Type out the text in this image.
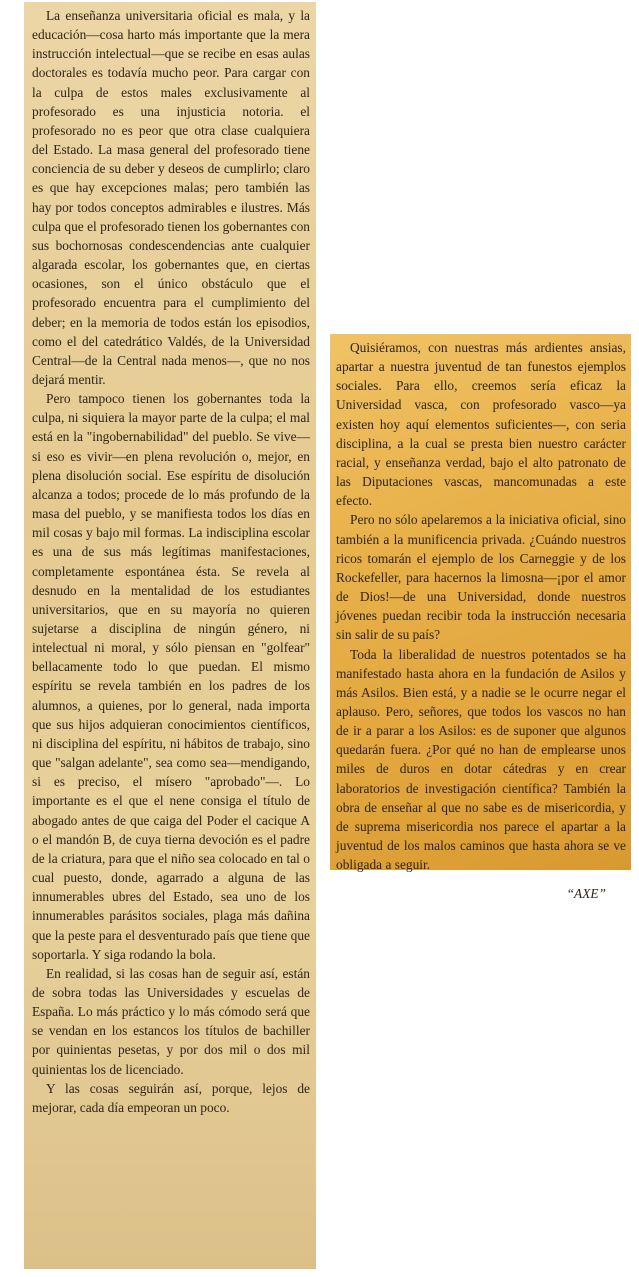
La enseñanza universitaria oficial es mala, y la educación—cosa harto más importante que la mera instrucción intelectual—que se recibe en esas aulas doctorales es todavía mucho peor. Para cargar con la culpa de estos males exclusivamente al profesorado es una injusticia notoria. el profesorado no es peor que otra clase cualquiera del Estado. La masa general del profesorado tiene conciencia de su deber y deseos de cumplirlo; claro es que hay excepciones malas; pero también las hay por todos conceptos admirables e ilustres. Más culpa que el profesorado tienen los gobernantes con sus bochornosas condescendencias ante cualquier algarada escolar, los gobernantes que, en ciertas ocasiones, son el único obstáculo que el profesorado encuentra para el cumplimiento del deber; en la memoria de todos están los episodios, como el del catedrático Valdés, de la Universidad Central—de la Central nada menos—, que no nos dejará mentir.

Pero tampoco tienen los gobernantes toda la culpa, ni siquiera la mayor parte de la culpa; el mal está en la "ingobernabilidad" del pueblo. Se vive—si eso es vivir—en plena revolución o, mejor, en plena disolución social. Ese espíritu de disolución alcanza a todos; procede de lo más profundo de la masa del pueblo, y se manifiesta todos los días en mil cosas y bajo mil formas. La indisciplina escolar es una de sus más legítimas manifestaciones, completamente espontánea ésta. Se revela al desnudo en la mentalidad de los estudiantes universitarios, que en su mayoría no quieren sujetarse a disciplina de ningún género, ni intelectual ni moral, y sólo piensan en "golfear" bellacamente todo lo que puedan. El mismo espíritu se revela también en los padres de los alumnos, a quienes, por lo general, nada importa que sus hijos adquieran conocimientos científicos, ni disciplina del espíritu, ni hábitos de trabajo, sino que "salgan adelante", sea como sea—mendigando, si es preciso, el mísero "aprobado"—. Lo importante es el que el nene consiga el título de abogado antes de que caiga del Poder el cacique A o el mandón B, de cuya tierna devoción es el padre de la criatura, para que el niño sea colocado en tal o cual puesto, donde, agarrado a alguna de las innumerables ubres del Estado, sea uno de los innumerables parásitos sociales, plaga más dañina que la peste para el desventurado país que tiene que soportarla. Y siga rodando la bola.

En realidad, si las cosas han de seguir así, están de sobra todas las Universidades y escuelas de España. Lo más práctico y lo más cómodo será que se vendan en los estancos los títulos de bachiller por quinientas pesetas, y por dos mil o dos mil quinientas los de licenciado.

Y las cosas seguirán así, porque, lejos de mejorar, cada día empeoran un poco.

Quisiéramos, con nuestras más ardientes ansias, apartar a nuestra juventud de tan funestos ejemplos sociales. Para ello, creemos sería eficaz la Universidad vasca, con profesorado vasco—ya existen hoy aquí elementos suficientes—, con seria disciplina, a la cual se presta bien nuestro carácter racial, y enseñanza verdad, bajo el alto patronato de las Diputaciones vascas, mancomunadas a este efecto.

Pero no sólo apelaremos a la iniciativa oficial, sino también a la munificencia privada. ¿Cuándo nuestros ricos tomarán el ejemplo de los Carneggie y de los Rockefeller, para hacernos la limosna—¡por el amor de Dios!—de una Universidad, donde nuestros jóvenes puedan recibir toda la instrucción necesaria sin salir de su país?

Toda la liberalidad de nuestros potentados se ha manifestado hasta ahora en la fundación de Asilos y más Asilos. Bien está, y a nadie se le ocurre negar el aplauso. Pero, señores, que todos los vascos no han de ir a parar a los Asilos: es de suponer que algunos quedarán fuera. ¿Por qué no han de emplearse unos miles de duros en dotar cátedras y en crear laboratorios de investigación científica? También la obra de enseñar al que no sabe es de misericordia, y de suprema misericordia nos parece el apartar a la juventud de los malos caminos que hasta ahora se ve obligada a seguir.

“AXE”
